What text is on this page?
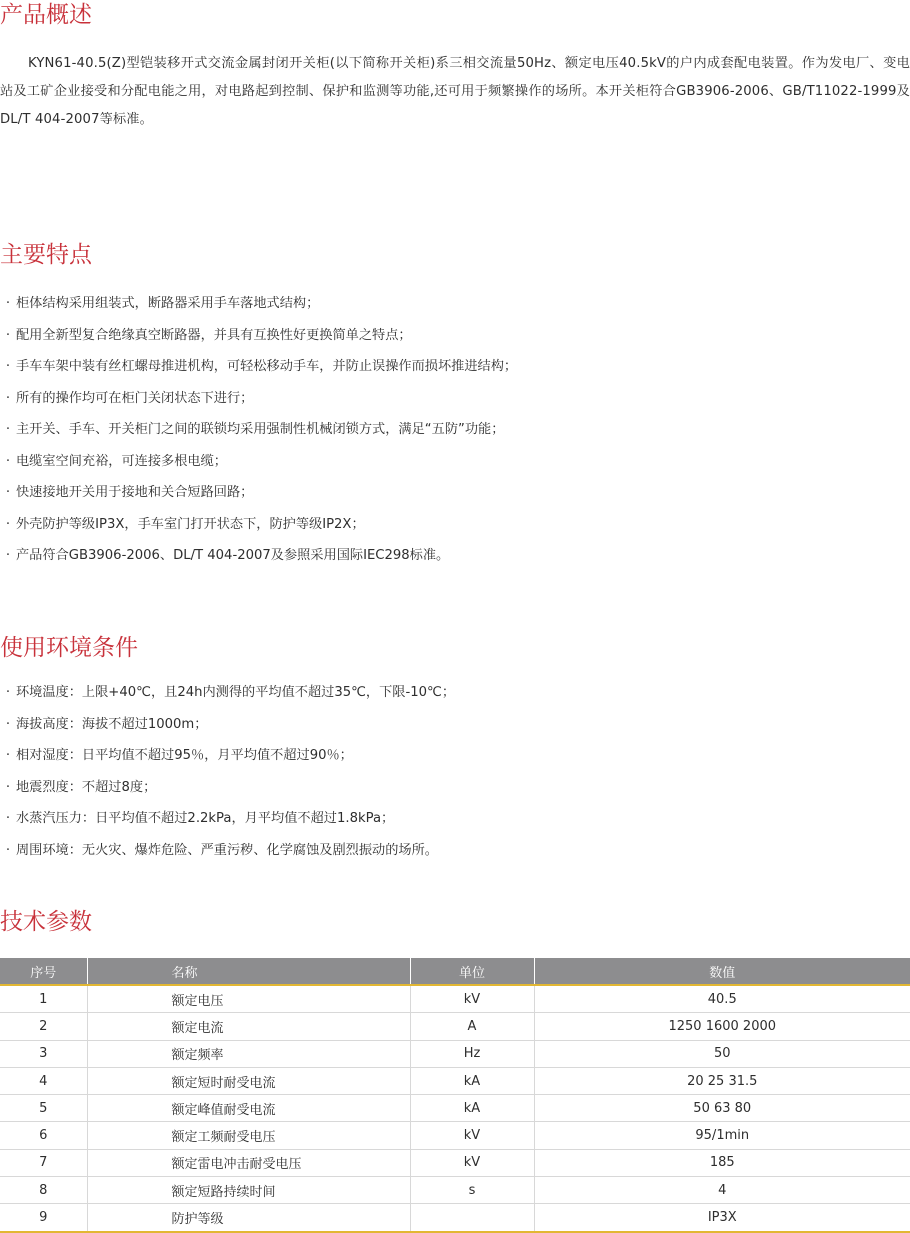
产品概述

KYN61-40.5(Z)型铠装移开式交流金属封闭开关柜(以下简称开关柜)系三相交流量50Hz、额定电压40.5kV的户内成套配电装置。作为发电厂、变电站及工矿企业接受和分配电能之用，对电路起到控制、保护和监测等功能,还可用于频繁操作的场所。本开关柜符合GB3906-2006、GB/T11022-1999及DL/T 404-2007等标准。

主要特点
· 柜体结构采用组装式，断路器采用手车落地式结构；
· 配用全新型复合绝缘真空断路器，并具有互换性好更换简单之特点；
· 手车车架中装有丝杠螺母推进机构，可轻松移动手车，并防止误操作而损坏推进结构；
· 所有的操作均可在柜门关闭状态下进行；
· 主开关、手车、开关柜门之间的联锁均采用强制性机械闭锁方式，满足“五防”功能；
· 电缆室空间充裕，可连接多根电缆；
· 快速接地开关用于接地和关合短路回路；
· 外壳防护等级IP3X，手车室门打开状态下，防护等级IP2X；
· 产品符合GB3906-2006、DL/T 404-2007及参照采用国际IEC298标准。
使用环境条件
· 环境温度：上限+40℃，且24h内测得的平均值不超过35℃，下限-10℃；
· 海拔高度：海拔不超过1000m；
· 相对湿度：日平均值不超过95％，月平均值不超过90％；
· 地震烈度：不超过8度；
· 水蒸汽压力：日平均值不超过2.2kPa，月平均值不超过1.8kPa；
· 周围环境：无火灾、爆炸危险、严重污秽、化学腐蚀及剧烈振动的场所。
技术参数
序号	名称	单位	数值
1	额定电压	kV	40.5
2	额定电流	A	1250 1600 2000
3	额定频率	Hz	50
4	额定短时耐受电流	kA	20 25 31.5
5	额定峰值耐受电流	kA	50 63 80
6	额定工频耐受电压	kV	95/1min
7	额定雷电冲击耐受电压	kV	185
8	额定短路持续时间	s	4
9	防护等级		IP3X
